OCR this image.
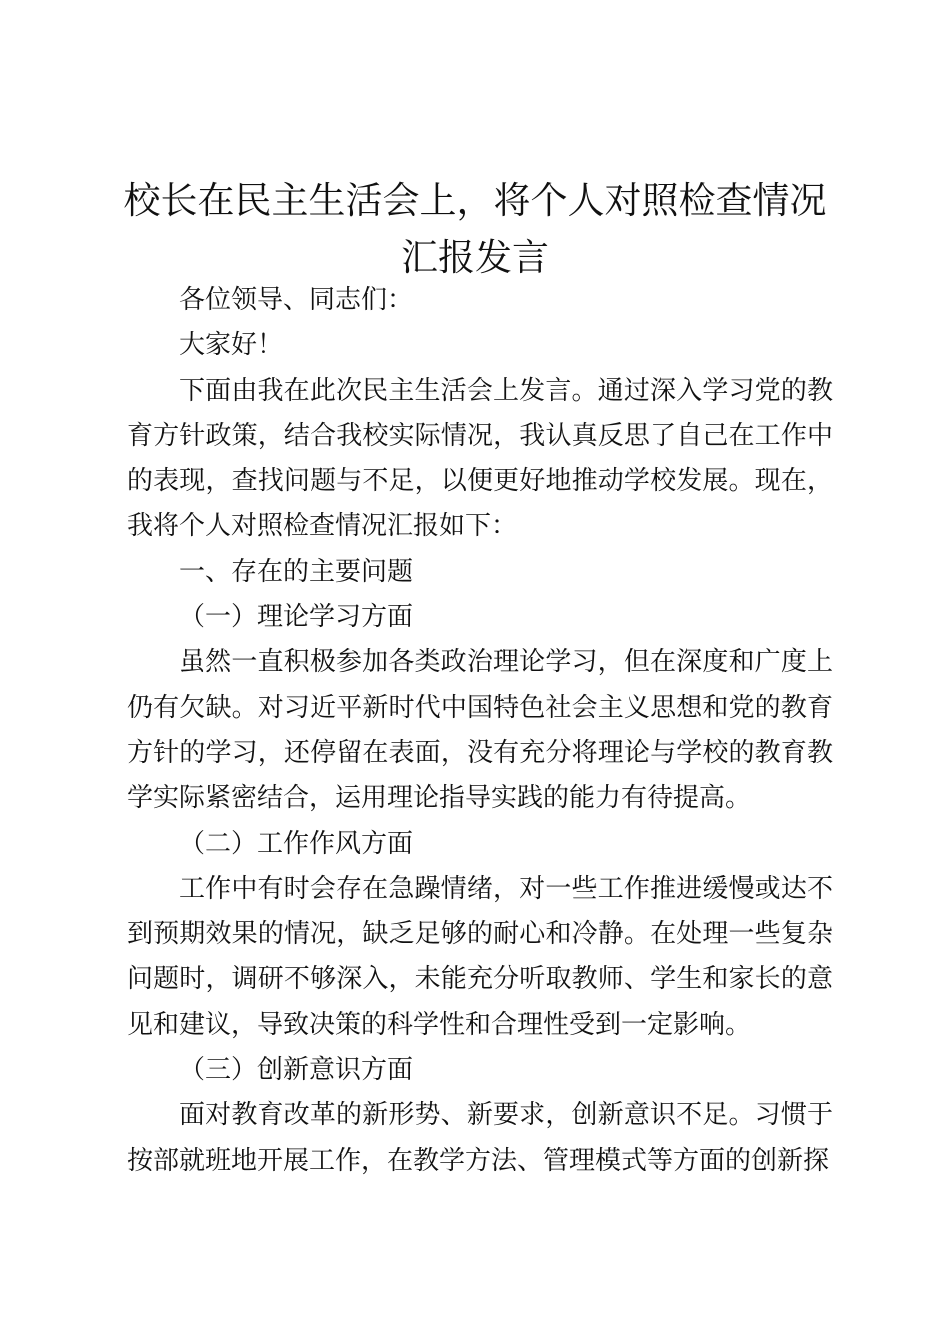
校长在民主生活会上，将个人对照检查情况汇报发言

各位领导、同志们：

大家好！

下面由我在此次民主生活会上发言。通过深入学习党的教育方针政策，结合我校实际情况，我认真反思了自己在工作中的表现，查找问题与不足，以便更好地推动学校发展。现在，我将个人对照检查情况汇报如下：

一、存在的主要问题

（一）理论学习方面

虽然一直积极参加各类政治理论学习，但在深度和广度上仍有欠缺。对习近平新时代中国特色社会主义思想和党的教育方针的学习，还停留在表面，没有充分将理论与学校的教育教学实际紧密结合，运用理论指导实践的能力有待提高。

（二）工作作风方面

工作中有时会存在急躁情绪，对一些工作推进缓慢或达不到预期效果的情况，缺乏足够的耐心和冷静。在处理一些复杂问题时，调研不够深入，未能充分听取教师、学生和家长的意见和建议，导致决策的科学性和合理性受到一定影响。

（三）创新意识方面

面对教育改革的新形势、新要求，创新意识不足。习惯于按部就班地开展工作，在教学方法、管理模式等方面的创新探
